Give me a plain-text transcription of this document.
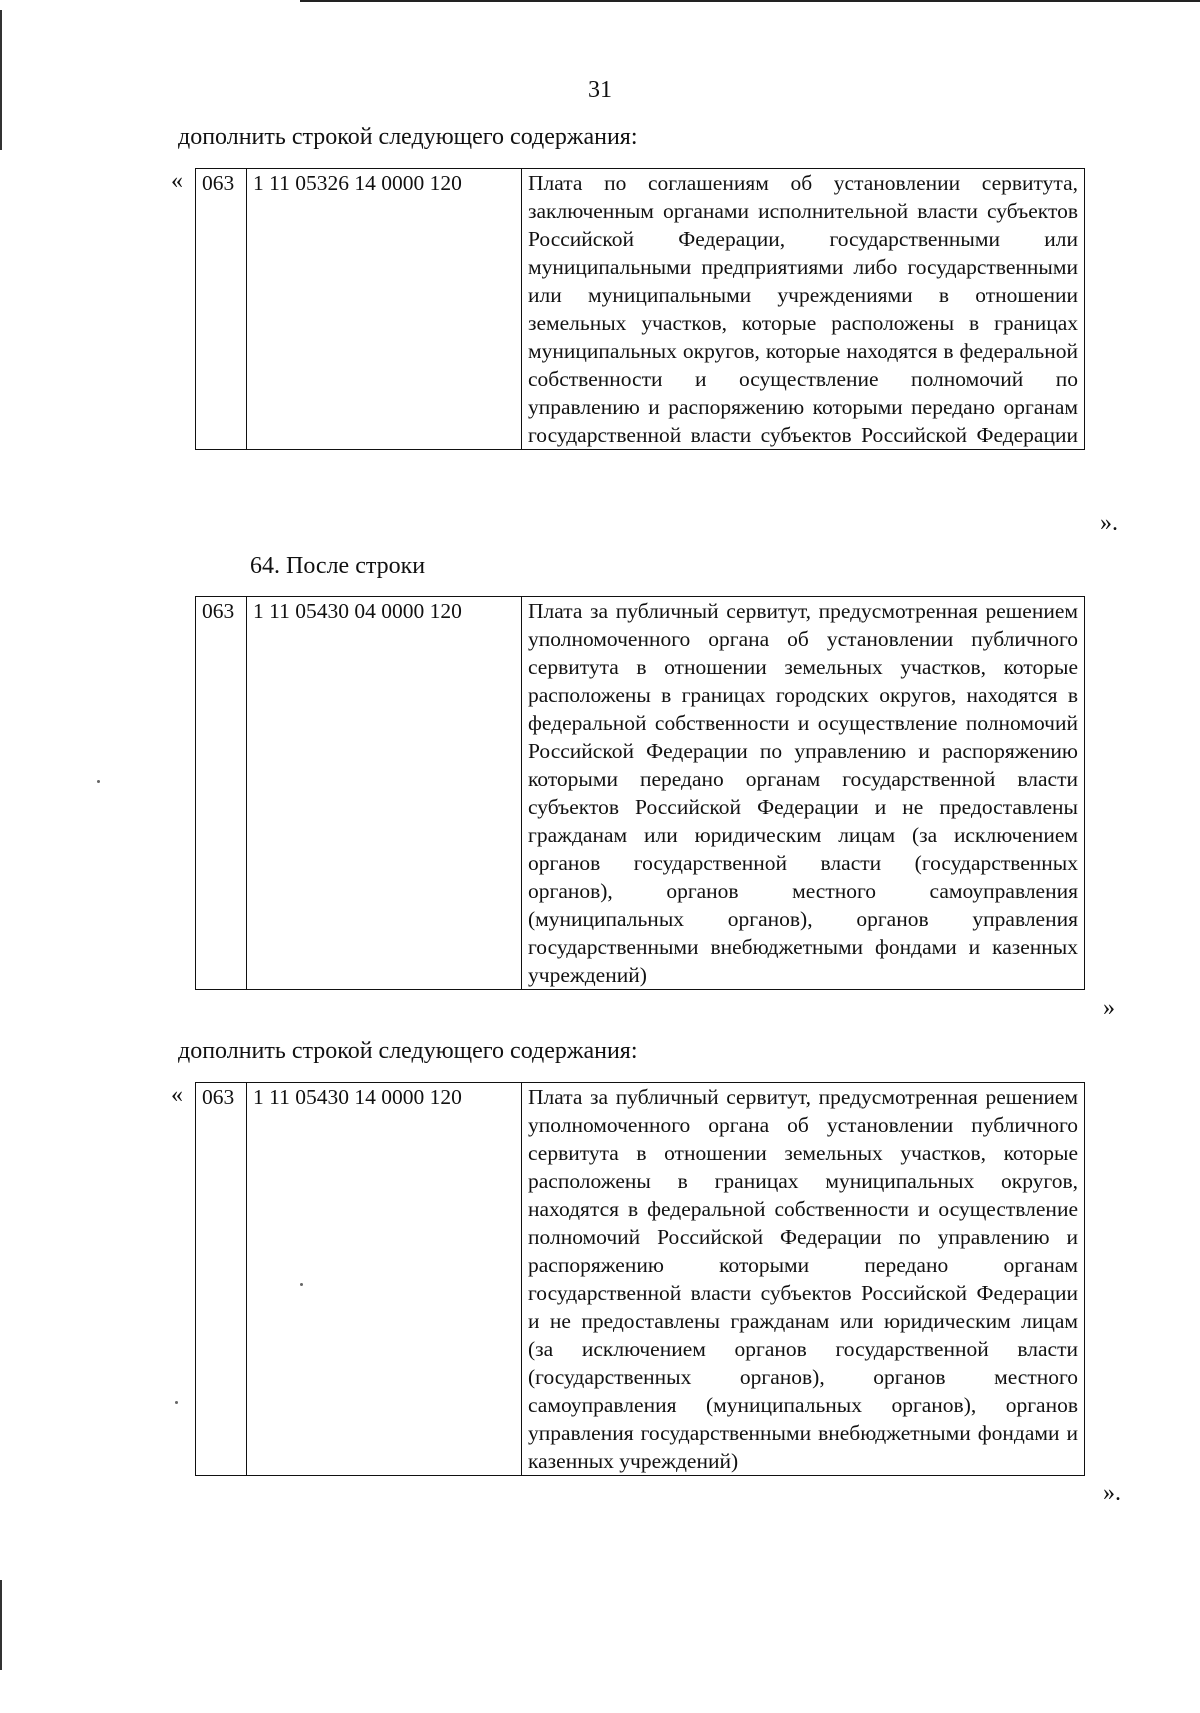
31
дополнить строкой следующего содержания:
« 063	1 11 05326 14 0000 120	Плата по соглашениям об установлении сервитута, заключенным органами исполнительной власти субъектов Российской Федерации, государственными или муниципальными предприятиями либо государственными или муниципальными учреждениями в отношении земельных участков, которые расположены в границах муниципальных округов, которые находятся в федеральной собственности и осуществление полномочий по управлению и распоряжению которыми передано органам государственной власти субъектов Российской Федерации
».
64. После строки
063	1 11 05430 04 0000 120	Плата за публичный сервитут, предусмотренная решением уполномоченного органа об установлении публичного сервитута в отношении земельных участков, которые расположены в границах городских округов, находятся в федеральной собственности и осуществление полномочий Российской Федерации по управлению и распоряжению которыми передано органам государственной власти субъектов Российской Федерации и не предоставлены гражданам или юридическим лицам (за исключением органов государственной власти (государственных органов), органов местного самоуправления (муниципальных органов), органов управления государственными внебюджетными фондами и казенных учреждений)
»
дополнить строкой следующего содержания:
« 063	1 11 05430 14 0000 120	Плата за публичный сервитут, предусмотренная решением уполномоченного органа об установлении публичного сервитута в отношении земельных участков, которые расположены в границах муниципальных округов, находятся в федеральной собственности и осуществление полномочий Российской Федерации по управлению и распоряжению которыми передано органам государственной власти субъектов Российской Федерации и не предоставлены гражданам или юридическим лицам (за исключением органов государственной власти (государственных органов), органов местного самоуправления (муниципальных органов), органов управления государственными внебюджетными фондами и казенных учреждений)
».
